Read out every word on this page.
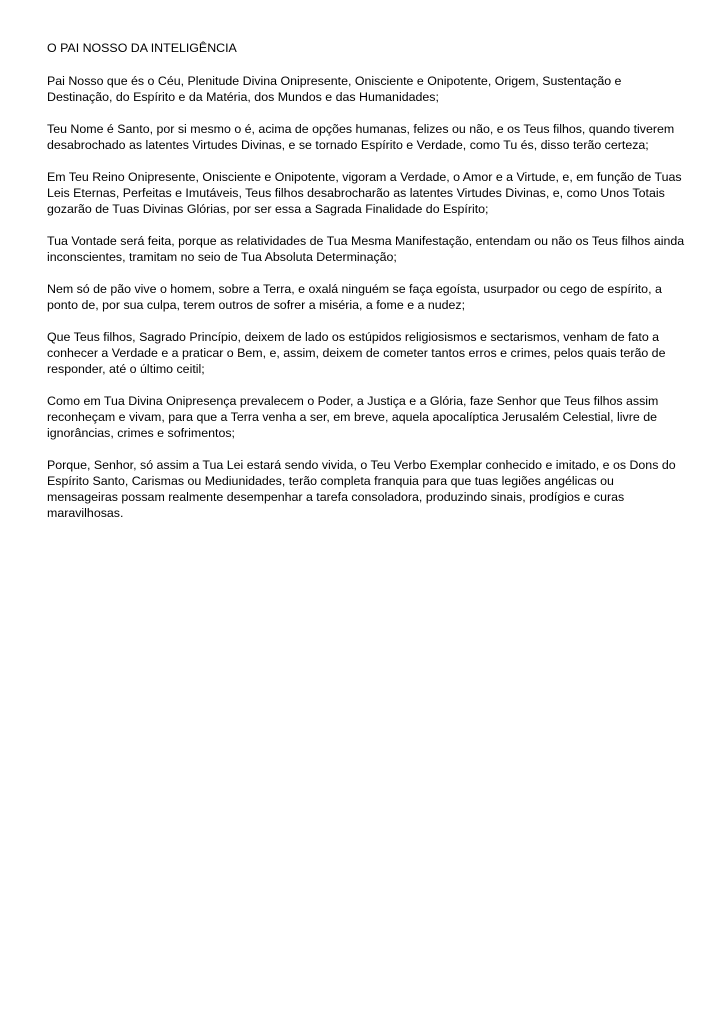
O PAI NOSSO DA INTELIGÊNCIA

Pai Nosso que és o Céu, Plenitude Divina Onipresente, Onisciente e Onipotente, Origem, Sustentação e Destinação, do Espírito e da Matéria, dos Mundos e das Humanidades;

Teu Nome é Santo, por si mesmo o é, acima de opções humanas, felizes ou não, e os Teus filhos, quando tiverem desabrochado as latentes Virtudes Divinas, e se tornado Espírito e Verdade, como Tu és, disso terão certeza;

Em Teu Reino Onipresente, Onisciente e Onipotente, vigoram a Verdade, o Amor e a Virtude, e, em função de Tuas Leis Eternas, Perfeitas e Imutáveis, Teus filhos desabrocharão as latentes Virtudes Divinas, e, como Unos Totais gozarão de Tuas Divinas Glórias, por ser essa a Sagrada Finalidade do Espírito;

Tua Vontade será feita, porque as relatividades de Tua Mesma Manifestação, entendam ou não os Teus filhos ainda inconscientes, tramitam no seio de Tua Absoluta Determinação;

Nem só de pão vive o homem, sobre a Terra, e oxalá ninguém se faça egoísta, usurpador ou cego de espírito, a ponto de, por sua culpa, terem outros de sofrer a miséria, a fome e a nudez;

Que Teus filhos, Sagrado Princípio, deixem de lado os estúpidos religiosismos e sectarismos, venham de fato a conhecer a Verdade e a praticar o Bem, e, assim, deixem de cometer tantos erros e crimes, pelos quais terão de responder, até o último ceitil;

Como em Tua Divina Onipresença prevalecem o Poder, a Justiça e a Glória, faze Senhor que Teus filhos assim reconheçam e vivam, para que a Terra venha a ser, em breve, aquela apocalíptica Jerusalém Celestial, livre de ignorâncias, crimes e sofrimentos;

Porque, Senhor, só assim a Tua Lei estará sendo vivida, o Teu Verbo Exemplar conhecido e imitado, e os Dons do Espírito Santo, Carismas ou Mediunidades, terão completa franquia para que tuas legiões angélicas ou mensageiras possam realmente desempenhar a tarefa consoladora, produzindo sinais, prodígios e curas maravilhosas.
